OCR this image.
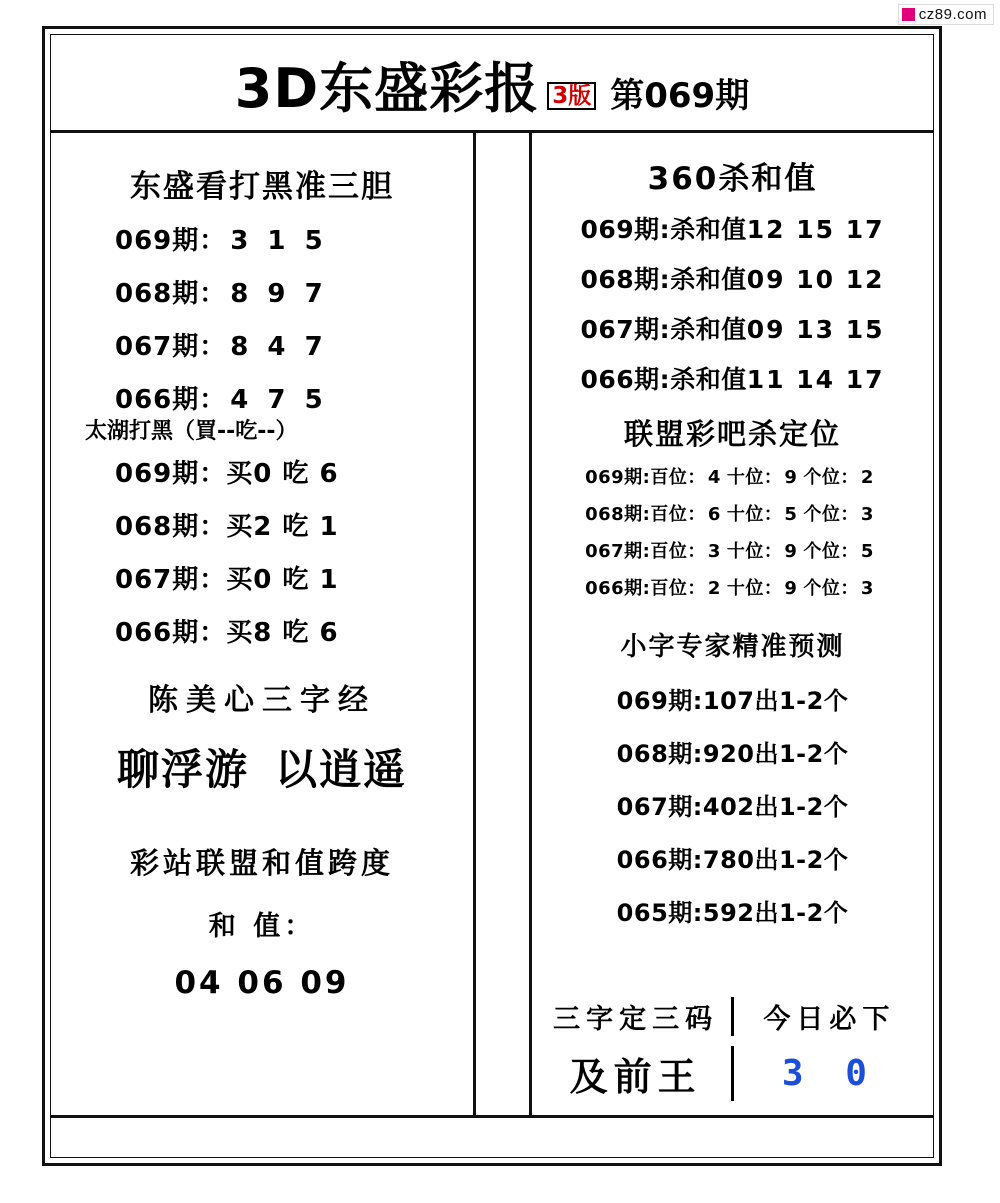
cz89.com
3D东盛彩报 3版 第069期
东盛看打黑准三胆
069期： 3 1 5
068期： 8 9 7
067期： 8 4 7
066期： 4 7 5
太湖打黑（買--吃--）
069期：买0 吃 6
068期：买2 吃 1
067期：买0 吃 1
066期：买8 吃 6
陈美心三字经
聊浮游 以逍遥
彩站联盟和值跨度
和 值：
04 06 09
360杀和值
069期:杀和值12 15 17
068期:杀和值09 10 12
067期:杀和值09 13 15
066期:杀和值11 14 17
联盟彩吧杀定位
069期:百位： 4 十位： 9 个位： 2
068期:百位： 6 十位： 5 个位： 3
067期:百位： 3 十位： 9 个位： 5
066期:百位： 2 十位： 9 个位： 3
小字专家精准预测
069期:107出1-2个
068期:920出1-2个
067期:402出1-2个
066期:780出1-2个
065期:592出1-2个
三字定三码	今日必下
及前王	3 0
